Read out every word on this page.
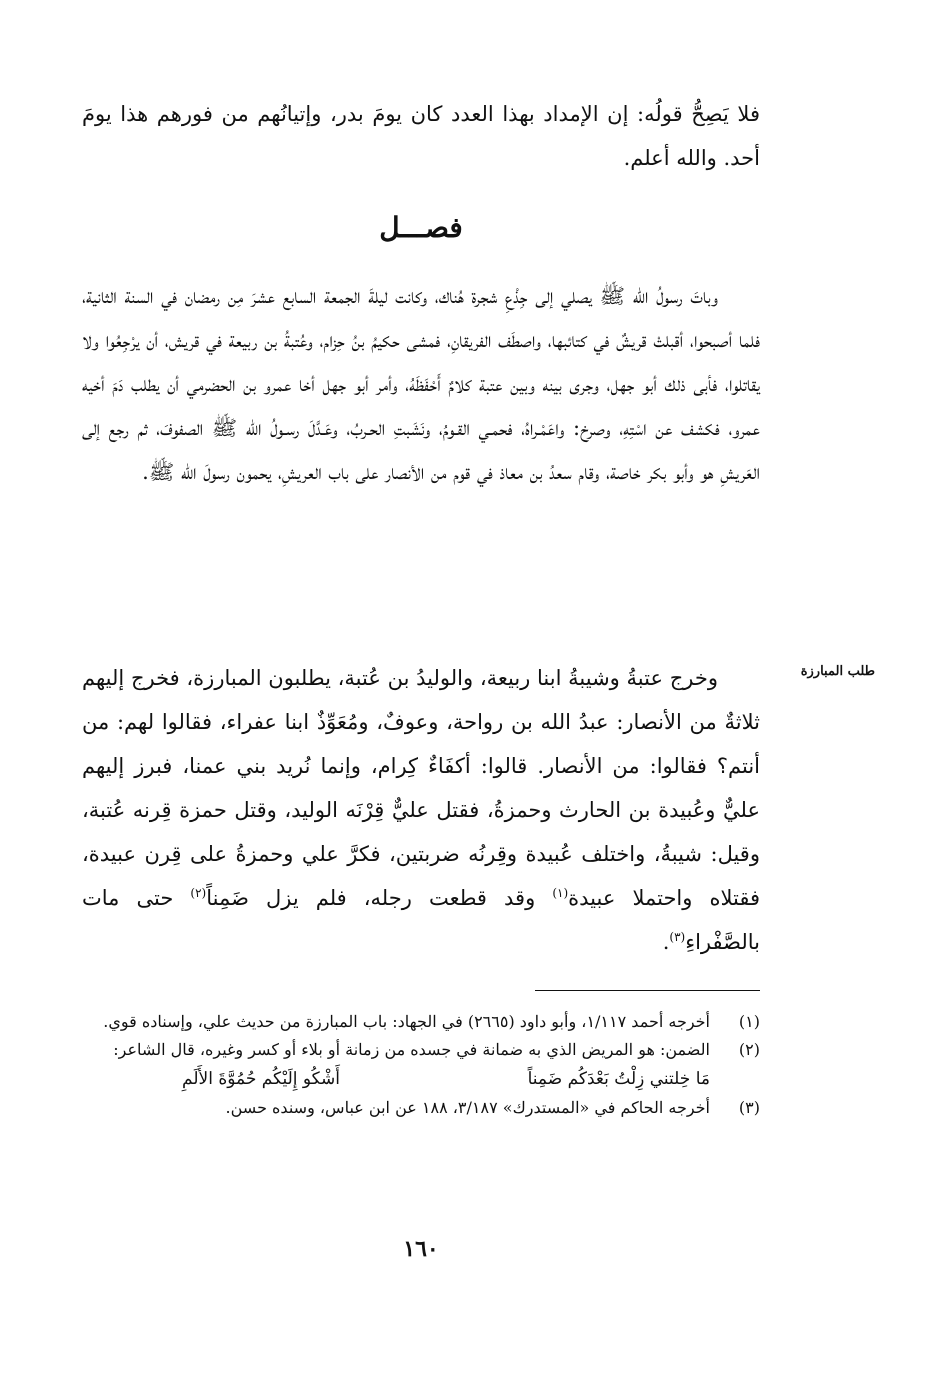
فلا يَصِحُّ قولُه: إن الإمداد بهذا العدد كان يومَ بدر، وإتيانُهم من فورهم هذا يومَ أحد. والله أعلم.

فصـــل

وباتَ رسولُ الله ﷺ يصلي إلى جِذْعِ شجرة هُناك، وكانت ليلةَ الجمعة السابع عشرَ مِن رمضان في السنة الثانية، فلما أصبحوا، أقبلتْ قريشٌ في كتائبها، واصطَف الفريقانِ، فمشى حكيمُ بنُ حِزام، وعُتبةُ بن ربيعة في قريش، أن يرْجِعُوا ولا يقاتلوا، فأبى ذلك أبو جهل، وجرى بينه وبين عتبة كلامٌ أَحْفَظَهُ، وأمر أبو جهل أخا عمرو بن الحضرمي أن يطلب دَمَ أخيه عمرو، فكشف عن اسْتِهِ، وصرخ: واعَمْـراهُ، فحمـي القـومُ، ونَشَبتِ الحـربُ، وعَـدَّلَ رسـولُ الله ﷺ الصفوفَ، ثم رجع إلى العَريشِ هو وأبو بكر خاصة، وقام سعدُ بن معاذ في قوم من الأنصار على باب العريشِ، يحمون رسولَ الله ﷺ.

طلب المبارزة

وخرج عتبةُ وشيبةُ ابنا ربيعة، والوليدُ بن عُتبة، يطلبون المبارزة، فخرج إليهم ثلاثةٌ من الأنصار: عبدُ الله بن رواحة، وعوفٌ، ومُعَوِّذٌ ابنا عفراء، فقالوا لهم: من أنتم؟ فقالوا: من الأنصار. قالوا: أكفَاءٌ كِرام، وإنما نُريد بني عمنا، فبرز إليهم عليٌّ وعُبيدة بن الحارث وحمزةُ، فقتل عليٌّ قِرْنَه الوليد، وقتل حمزة قِرنه عُتبة، وقيل: شيبةُ، واختلف عُبيدة وقِرنُه ضربتين، فكرَّ علي وحمزةُ على قِرن عبيدة، فقتلاه واحتملا عبيدة$^{(١)}$ وقد قطعت رجله، فلم يزل ضَمِناً$^{(٢)}$ حتى مات بالصَّفْراءِ$^{(٣)}$.

(١)
أخرجه أحمد ١/١١٧، وأبو داود (٢٦٦٥) في الجهاد: باب المبارزة من حديث علي، وإسناده قوي.
(٢)
الضمن: هو المريض الذي به ضمانة في جسده من زمانة أو بلاء أو كسر وغيره، قال الشاعر:
مَا خِلتني زِلْتُ بَعْدَكُم ضَمِناً
أَشْكُو إِلَيْكُم حُمُوَّةَ الأَلَمِ
(٣)
أخرجه الحاكم في «المستدرك» ٣/١٨٧، ١٨٨ عن ابن عباس، وسنده حسن.
١٦٠
